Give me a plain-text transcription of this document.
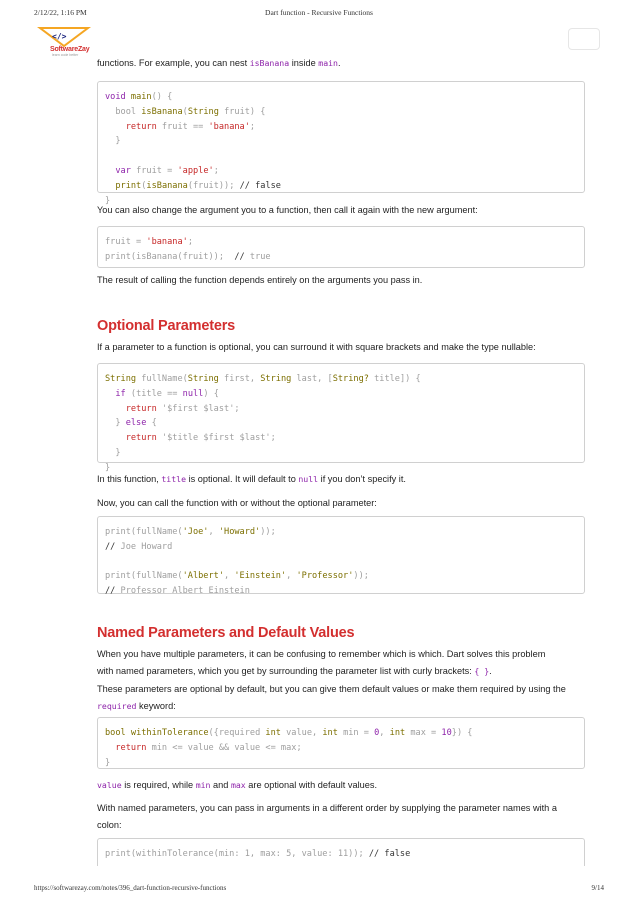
2/12/22, 1:16 PM	Dart function - Recursive Functions
</>
SoftwareZay
learn code better
functions. For example, you can nest isBanana inside main.
void main() {
bool isBanana(String fruit) {
return fruit == 'banana';
}

var fruit = 'apple';
print(isBanana(fruit)); // false
}
You can also change the argument you to a function, then call it again with the new argument:
fruit = 'banana';
print(isBanana(fruit));  // true
The result of calling the function depends entirely on the arguments you pass in.
Optional Parameters
If a parameter to a function is optional, you can surround it with square brackets and make the type nullable:
String fullName(String first, String last, [String? title]) {
if (title == null) {
return '$first $last';
} else {
return '$title $first $last';
}
}
In this function, title is optional. It will default to null if you don’t specify it.
Now, you can call the function with or without the optional parameter:
print(fullName('Joe', 'Howard'));
// Joe Howard

print(fullName('Albert', 'Einstein', 'Professor'));
// Professor Albert Einstein
Named Parameters and Default Values
When you have multiple parameters, it can be confusing to remember which is which. Dart solves this problem
with named parameters, which you get by surrounding the parameter list with curly brackets: { }.
These parameters are optional by default, but you can give them default values or make them required by using the
required keyword:
bool withinTolerance({required int value, int min = 0, int max = 10}) {
return min <= value && value <= max;
}
value is required, while min and max are optional with default values.
With named parameters, you can pass in arguments in a different order by supplying the parameter names with a
colon:
print(withinTolerance(min: 1, max: 5, value: 11)); // false
https://softwarezay.com/notes/396_dart-function-recursive-functions	9/14
